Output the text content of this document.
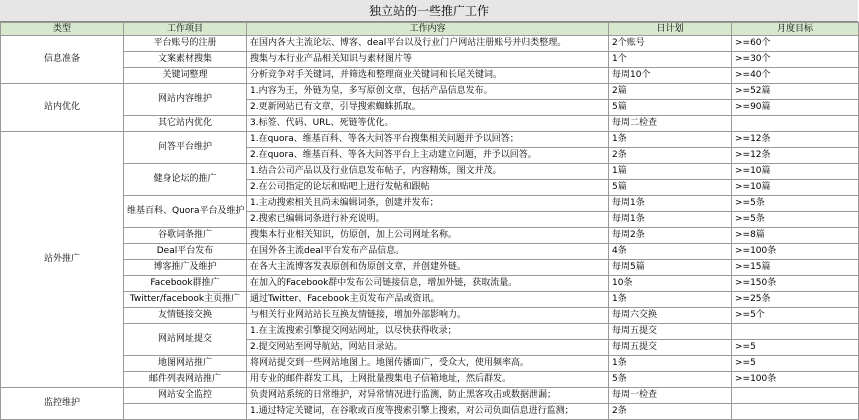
独立站的一些推广工作
类型	工作项目	工作内容	日计划	月度目标
信息准备	平台账号的注册	在国内各大主流论坛、博客、deal平台以及行业门户网站注册账号并归类整理。	2个账号	>=60个
	文案素材搜集	搜集与本行业产品相关知识与素材图片等	1个	>=30个
	关键词整理	分析竞争对手关键词，并筛选和整理商业关键词和长尾关键词。	每周10个	>=40个
站内优化	网站内容维护	1.内容为王，外链为皇，多写原创文章，包括产品信息发布。	2篇	>=52篇
		2.更新网站已有文章，引导搜索蜘蛛抓取。	5篇	>=90篇
	其它站内优化	3.标签、代码、URL、死链等优化。	每周二检查	
站外推广	问答平台维护	1.在quora、维基百科、等各大问答平台搜集相关问题并予以回答；	1条	>=12条
		2.在quora、维基百科、等各大问答平台上主动建立问题，并予以回答。	2条	>=12条
	健身论坛的推广	1.结合公司产品以及行业信息发布帖子，内容精炼，图文并茂。	1篇	>=10篇
		2.在公司指定的论坛和贴吧上进行发帖和跟帖	5篇	>=10篇
	维基百科、Quora平台及维护	1.主动搜索相关且尚未编辑词条，创建并发布；	每周1条	>=5条
		2.搜索已编辑词条进行补充说明。	每周1条	>=5条
	谷歌词条推广	搜集本行业相关知识，仿原创，加上公司网址名称。	每周2条	>=8篇
	Deal平台发布	在国外各主流deal平台发布产品信息。	4条	>=100条
	博客推广及维护	在各大主流博客发表原创和伪原创文章，并创建外链。	每周5篇	>=15篇
	Facebook群推广	在加入的Facebook群中发布公司链接信息，增加外链，获取流量。	10条	>=150条
	Twitter/facebook主页推广	通过Twitter、Facebook主页发布产品或资讯。	1条	>=25条
	友情链接交换	与相关行业网站站长互换友情链接，增加外部影响力。	每周六交换	>=5个
	网站网址提交	1.在主流搜索引擎提交网站网址，以尽快获得收录；	每周五提交	
		2.提交网站至网导航站，网站目录站。	每周五提交	>=5
	地图网站推广	将网站提交到一些网站地图上。地图传播面广，受众大，使用频率高。	1条	>=5
	邮件列表网站推广	用专业的邮件群发工具，上网批量搜集电子信箱地址，然后群发。	5条	>=100条
监控维护	网站安全监控	负责网站系统的日常维护，对异常情况进行监测，防止黑客攻击或数据泄漏；	每周一检查	
		1.通过特定关键词，在谷歌或百度等搜索引擎上搜索，对公司负面信息进行监测；	2条	
